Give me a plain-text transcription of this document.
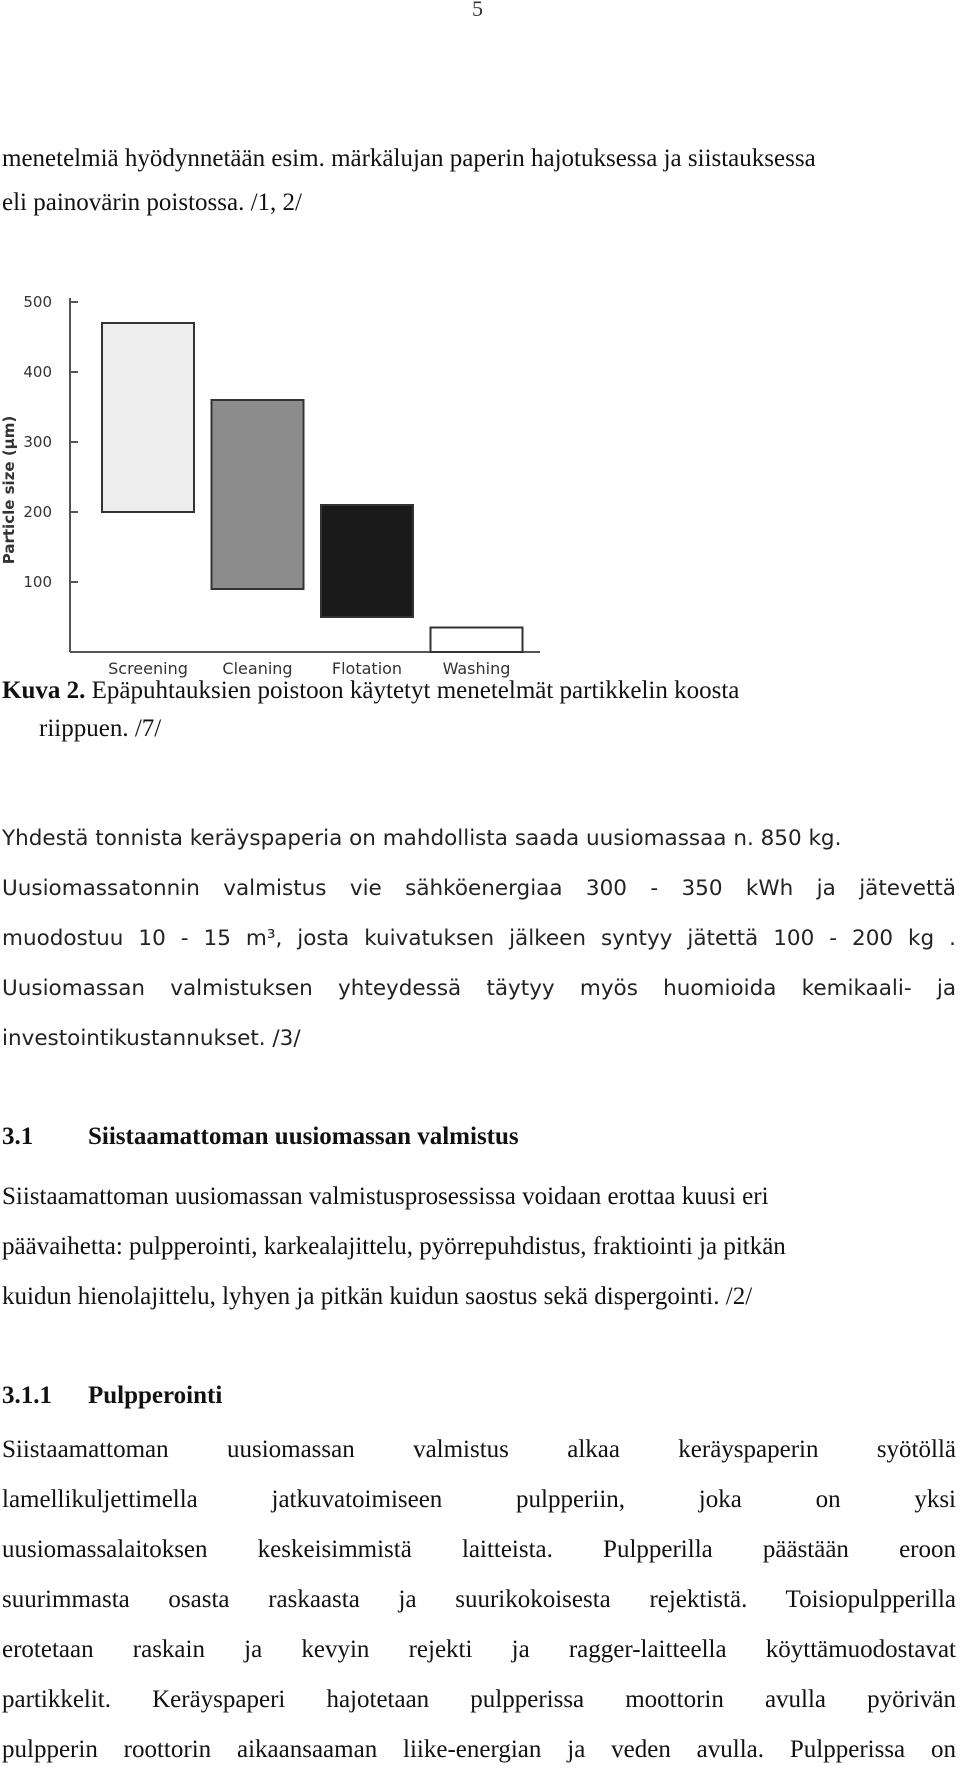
5
menetelmiä hyödynnetään esim. märkälujan paperin hajotuksessa ja siistauksessa
eli painovärin poistossa. /1, 2/
Particle size (µm)
100
200
300
400
500
Screening Cleaning Flotation	Washing
Kuva 2. Epäpuhtauksien poistoon käytetyt menetelmät partikkelin koosta
riippuen. /7/
Yhdestä tonnista keräyspaperia on mahdollista saada uusiomassaa n. 850 kg.
Uusiomassatonnin valmistus vie sähköenergiaa 300 - 350 kWh ja jätevettä
muodostuu 10 - 15 m³, josta kuivatuksen jälkeen syntyy jätettä 100 - 200 kg .
Uusiomassan valmistuksen yhteydessä täytyy myös huomioida kemikaali- ja
investointikustannukset. /3/
3.1 Siistaamattoman uusiomassan valmistus
Siistaamattoman uusiomassan valmistusprosessissa voidaan erottaa kuusi eri
päävaihetta: pulpperointi, karkealajittelu, pyörrepuhdistus, fraktiointi ja pitkän
kuidun hienolajittelu, lyhyen ja pitkän kuidun saostus sekä dispergointi. /2/
3.1.1 Pulpperointi
Siistaamattoman uusiomassan valmistus alkaa keräyspaperin syötöllä
lamellikuljettimella jatkuvatoimiseen pulpperiin, joka on yksi
uusiomassalaitoksen keskeisimmistä laitteista. Pulpperilla päästään eroon
suurimmasta osasta raskaasta ja suurikokoisesta rejektistä. Toisiopulpperilla
erotetaan raskain ja kevyin rejekti ja ragger-laitteella köyttämuodostavat
partikkelit. Keräyspaperi hajotetaan pulpperissa moottorin avulla pyörivän
pulpperin roottorin aikaansaaman liike-energian ja veden avulla. Pulpperissa on
